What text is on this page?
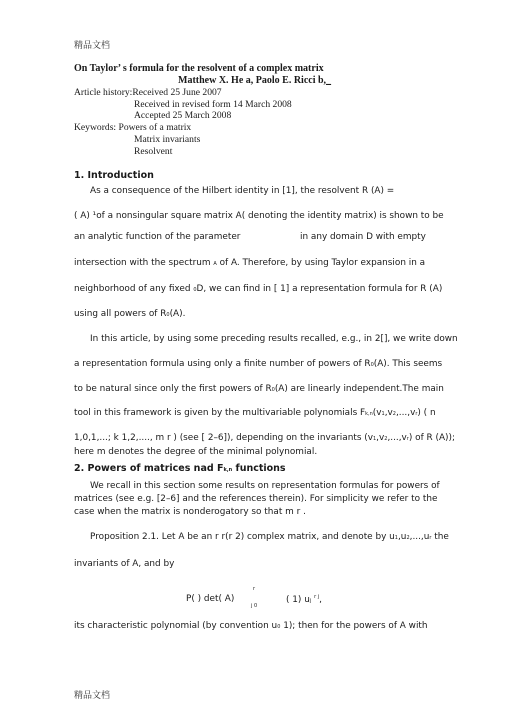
精品文档
精品文档
On Taylor’ s formula for the resolvent of a complex matrix
Matthew X. He a, Paolo E. Ricci b,_
Article history:Received 25 June 2007
Received in revised form 14 March 2008
Accepted 25 March 2008
Keywords: Powers of a matrix
Matrix invariants
Resolvent
1. Introduction
As a consequence of the Hilbert identity in [1], the resolvent R (A) =
( A) ¹of a nonsingular square matrix A( denoting the identity matrix) is shown to be
an analytic function of the parameter	in any domain D with empty
intersection with the spectrum A of A. Therefore, by using Taylor expansion in a
neighborhood of any fixed 0D, we can find in [ 1] a representation formula for R (A)
using all powers of R0(A).
In this article, by using some preceding results recalled, e.g., in 2[], we write down
a representation formula using only a finite number of powers of R0(A). This seems
to be natural since only the first powers of R0(A) are linearly independent.The main
tool in this framework is given by the multivariable polynomials Fk,n(v1,v2,...,vr) ( n
1,0,1,...; k 1,2,...., m r ) (see [ 2–6]), depending on the invariants (v1,v2,...,vr) of R (A));
here m denotes the degree of the minimal polynomial.
2. Powers of matrices nad Fk,n functions
We recall in this section some results on representation formulas for powers of
matrices (see e.g. [2–6] and the references therein). For simplicity we refer to the
case when the matrix is nonderogatory so that m r .
Proposition 2.1. Let A be an r r(r 2) complex matrix, and denote by u1,u2,...,ur the
invariants of A, and by
r
P( ) det( A)	( 1) uj $^{r j}$,
j 0
its characteristic polynomial (by convention u0 1); then for the powers of A with
